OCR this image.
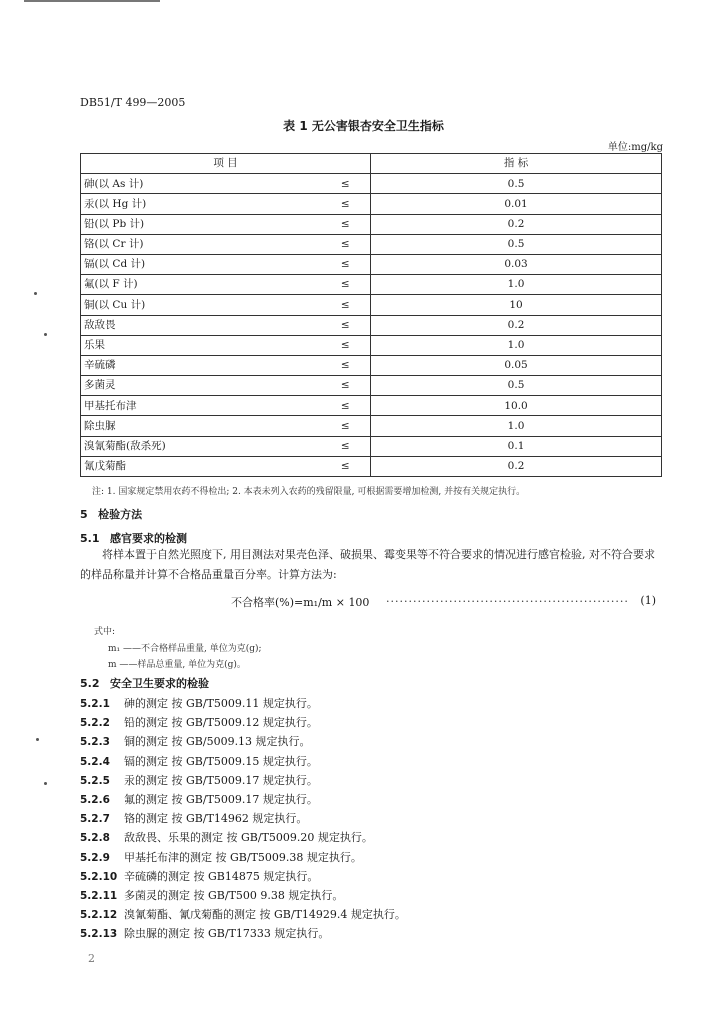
DB51/T 499—2005
表 1 无公害银杏安全卫生指标
单位:mg/kg
项 目			指 标
砷(以 As 计)		≤	0.5
汞(以 Hg 计)		≤	0.01
铅(以 Pb 计)		≤	0.2
铬(以 Cr 计)		≤	0.5
镉(以 Cd 计)		≤	0.03
氟(以 F 计)		≤	1.0
铜(以 Cu 计)		≤	10
敌敌畏		≤	0.2
乐果		≤	1.0
辛硫磷		≤	0.05
多菌灵		≤	0.5
甲基托布津		≤	10.0
除虫脲		≤	1.0
溴氰菊酯(敌杀死)		≤	0.1
氰戊菊酯		≤	0.2
注: 1. 国家规定禁用农药不得检出; 2. 本表未列入农药的残留限量, 可根据需要增加检测, 并按有关规定执行。
5 检验方法
5.1 感官要求的检测
将样本置于自然光照度下, 用目测法对果壳色泽、破损果、霉变果等不符合要求的情况进行感官检验, 对不符合要求的样品称量并计算不合格品重量百分率。计算方法为:
不合格率(%)=m₁/m × 100 ...................................................... (1)
式中:
m₁ ——不合格样品重量, 单位为克(g);
m ——样品总重量, 单位为克(g)。
5.2 安全卫生要求的检验
5.2.1 砷的测定 按 GB/T5009.11 规定执行。
5.2.2 铅的测定 按 GB/T5009.12 规定执行。
5.2.3 铜的测定 按 GB/5009.13 规定执行。
5.2.4 镉的测定 按 GB/T5009.15 规定执行。
5.2.5 汞的测定 按 GB/T5009.17 规定执行。
5.2.6 氟的测定 按 GB/T5009.17 规定执行。
5.2.7 铬的测定 按 GB/T14962 规定执行。
5.2.8 敌敌畏、乐果的测定 按 GB/T5009.20 规定执行。
5.2.9 甲基托布津的测定 按 GB/T5009.38 规定执行。
5.2.10 辛硫磷的测定 按 GB14875 规定执行。
5.2.11 多菌灵的测定 按 GB/T500 9.38 规定执行。
5.2.12 溴氰菊酯、氰戊菊酯的测定 按 GB/T14929.4 规定执行。
5.2.13 除虫脲的测定 按 GB/T17333 规定执行。
2
